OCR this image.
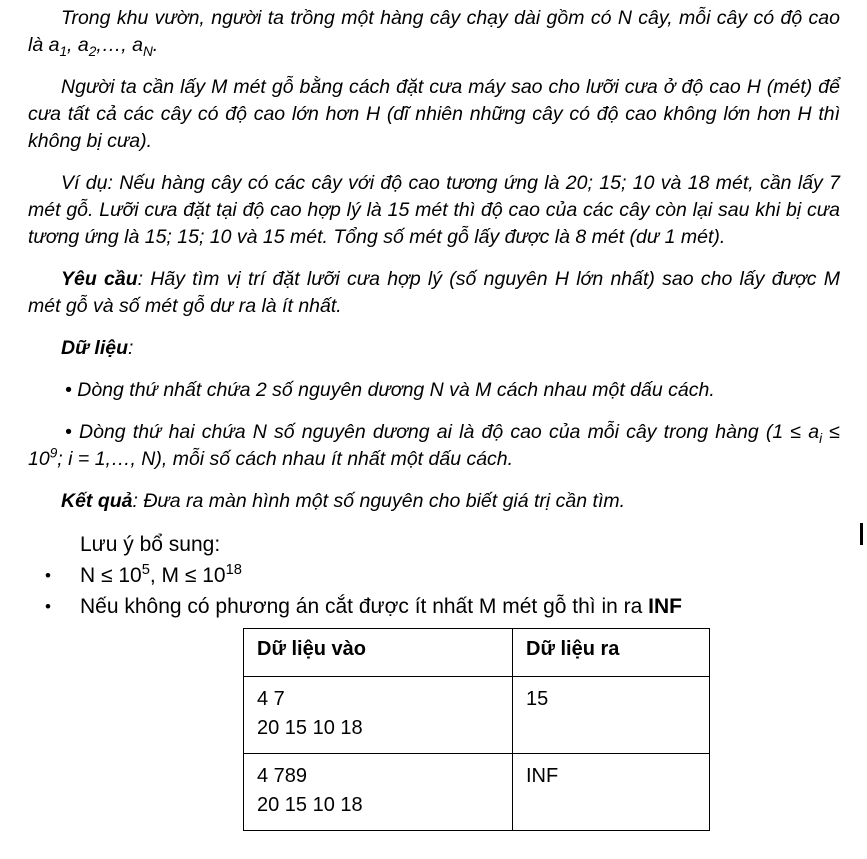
Trong khu vườn, người ta trồng một hàng cây chạy dài gồm có N cây, mỗi cây có độ cao là $a_1$, $a_2,\dots$, $a_N$.

Người ta cần lấy M mét gỗ bằng cách đặt cưa máy sao cho lưỡi cưa ở độ cao H (mét) để cưa tất cả các cây có độ cao lớn hơn H (dĩ nhiên những cây có độ cao không lớn hơn H thì không bị cưa).

Ví dụ: Nếu hàng cây có các cây với độ cao tương ứng là 20; 15; 10 và 18 mét, cần lấy 7 mét gỗ. Lưỡi cưa đặt tại độ cao hợp lý là 15 mét thì độ cao của các cây còn lại sau khi bị cưa tương ứng là 15; 15; 10 và 15 mét. Tổng số mét gỗ lấy được là 8 mét (dư 1 mét).

Yêu cầu: Hãy tìm vị trí đặt lưỡi cưa hợp lý (số nguyên H lớn nhất) sao cho lấy được M mét gỗ và số mét gỗ dư ra là ít nhất.

Dữ liệu:

• Dòng thứ nhất chứa 2 số nguyên dương N và M cách nhau một dấu cách.

• Dòng thứ hai chứa N số nguyên dương ai là độ cao của mỗi cây trong hàng ($1 \le a_i \le 10^9$; i = 1,…, N), mỗi số cách nhau ít nhất một dấu cách.

Kết quả: Đưa ra màn hình một số nguyên cho biết giá trị cần tìm.

Lưu ý bổ sung:

• $N \le 10^5$, $M \le 10^{18}$
• Nếu không có phương án cắt được ít nhất M mét gỗ thì in ra INF
Dữ liệu vào	Dữ liệu ra

4 7
20 15 10 18	15

4 789
20 15 10 18	INF
